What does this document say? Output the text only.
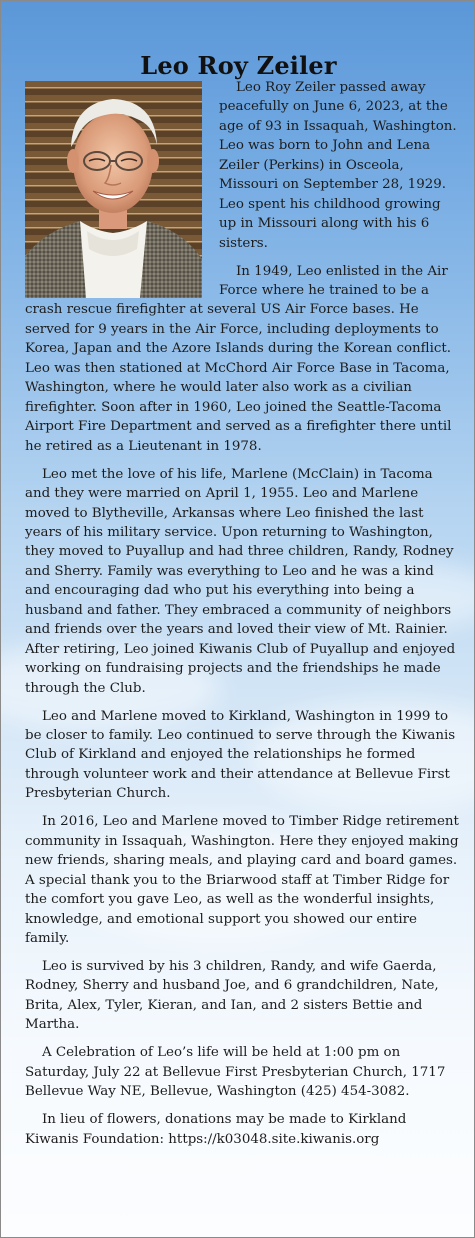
Leo Roy Zeiler

Leo Roy Zeiler passed away peacefully on June 6, 2023, at the age of 93 in Issaquah, Washington. Leo was born to John and Lena Zeiler (Perkins) in Osceola, Missouri on September 28, 1929. Leo spent his childhood growing up in Missouri along with his 6 sisters.

In 1949, Leo enlisted in the Air Force where he trained to be a crash rescue firefighter at several US Air Force bases. He served for 9 years in the Air Force, including deployments to Korea, Japan and the Azore Islands during the Korean conflict. Leo was then stationed at McChord Air Force Base in Tacoma, Washington, where he would later also work as a civilian firefighter. Soon after in 1960, Leo joined the Seattle-Tacoma Airport Fire Department and served as a firefighter there until he retired as a Lieutenant in 1978.

Leo met the love of his life, Marlene (McClain) in Tacoma and they were married on April 1, 1955. Leo and Marlene moved to Blytheville, Arkansas where Leo finished the last years of his military service. Upon returning to Washington, they moved to Puyallup and had three children, Randy, Rodney and Sherry. Family was everything to Leo and he was a kind and encouraging dad who put his everything into being a husband and father. They embraced a community of neighbors and friends over the years and loved their view of Mt. Rainier. After retiring, Leo joined Kiwanis Club of Puyallup and enjoyed working on fundraising projects and the friendships he made through the Club.

Leo and Marlene moved to Kirkland, Washington in 1999 to be closer to family. Leo continued to serve through the Kiwanis Club of Kirkland and enjoyed the relationships he formed through volunteer work and their attendance at Bellevue First Presbyterian Church.

In 2016, Leo and Marlene moved to Timber Ridge retirement community in Issaquah, Washington. Here they enjoyed making new friends, sharing meals, and playing card and board games. A special thank you to the Briarwood staff at Timber Ridge for the comfort you gave Leo, as well as the wonderful insights, knowledge, and emotional support you showed our entire family.

Leo is survived by his 3 children, Randy, and wife Gaerda, Rodney, Sherry and husband Joe, and 6 grandchildren, Nate, Brita, Alex, Tyler, Kieran, and Ian, and 2 sisters Bettie and Martha.

A Celebration of Leo’s life will be held at 1:00 pm on Saturday, July 22 at Bellevue First Presbyterian Church, 1717 Bellevue Way NE, Bellevue, Washington (425) 454-3082.

In lieu of flowers, donations may be made to Kirkland Kiwanis Foundation: https://k03048.site.kiwanis.org
